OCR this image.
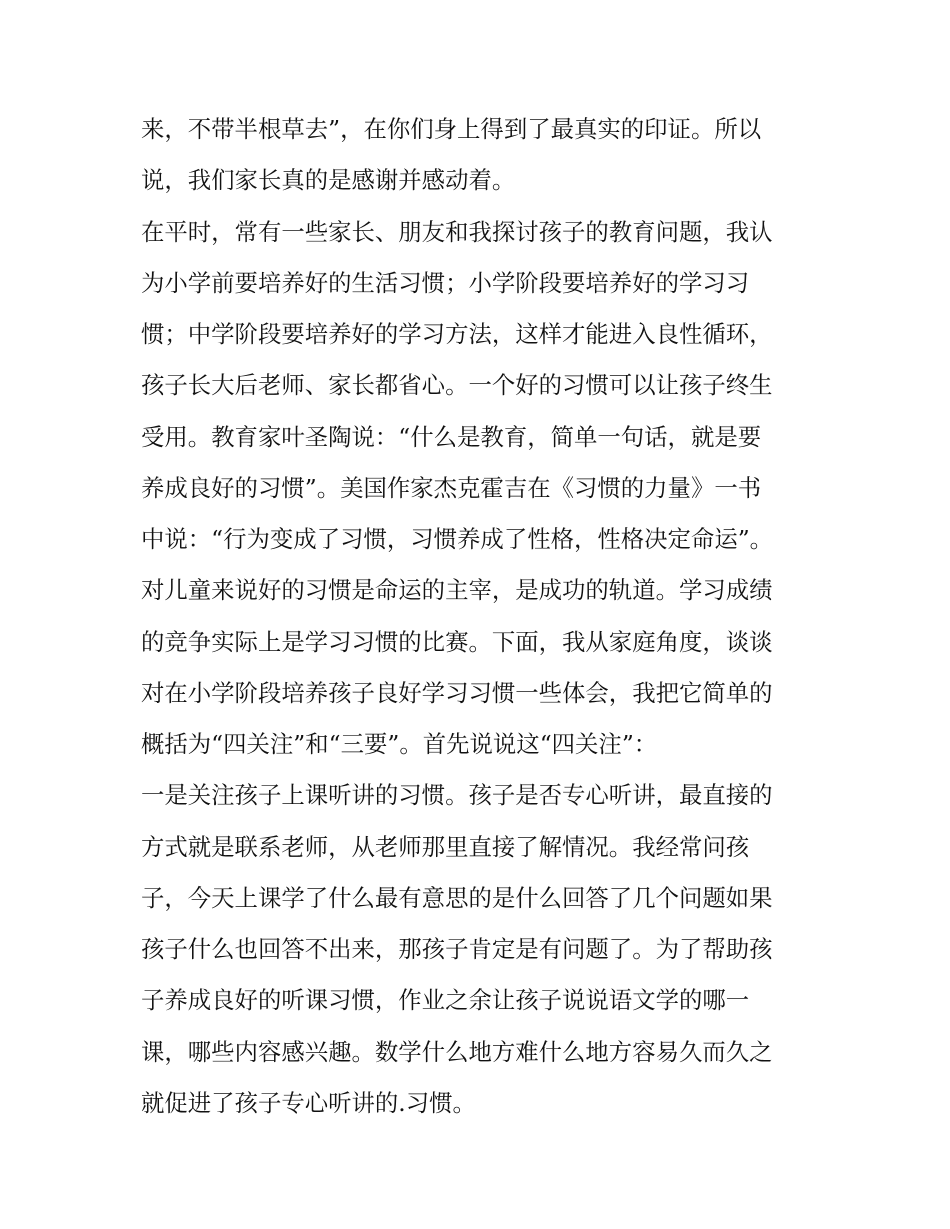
来，不带半根草去”，在你们身上得到了最真实的印证。所以
说，我们家长真的是感谢并感动着。
在平时，常有一些家长、朋友和我探讨孩子的教育问题，我认
为小学前要培养好的生活习惯；小学阶段要培养好的学习习
惯；中学阶段要培养好的学习方法，这样才能进入良性循环，
孩子长大后老师、家长都省心。一个好的习惯可以让孩子终生
受用。教育家叶圣陶说：“什么是教育，简单一句话，就是要
养成良好的习惯”。美国作家杰克霍吉在《习惯的力量》一书
中说：“行为变成了习惯，习惯养成了性格，性格决定命运”。
对儿童来说好的习惯是命运的主宰，是成功的轨道。学习成绩
的竞争实际上是学习习惯的比赛。下面，我从家庭角度，谈谈
对在小学阶段培养孩子良好学习习惯一些体会，我把它简单的
概括为“四关注”和“三要”。首先说说这“四关注”：
一是关注孩子上课听讲的习惯。孩子是否专心听讲，最直接的
方式就是联系老师，从老师那里直接了解情况。我经常问孩
子，今天上课学了什么最有意思的是什么回答了几个问题如果
孩子什么也回答不出来，那孩子肯定是有问题了。为了帮助孩
子养成良好的听课习惯，作业之余让孩子说说语文学的哪一
课，哪些内容感兴趣。数学什么地方难什么地方容易久而久之
就促进了孩子专心听讲的.习惯。
